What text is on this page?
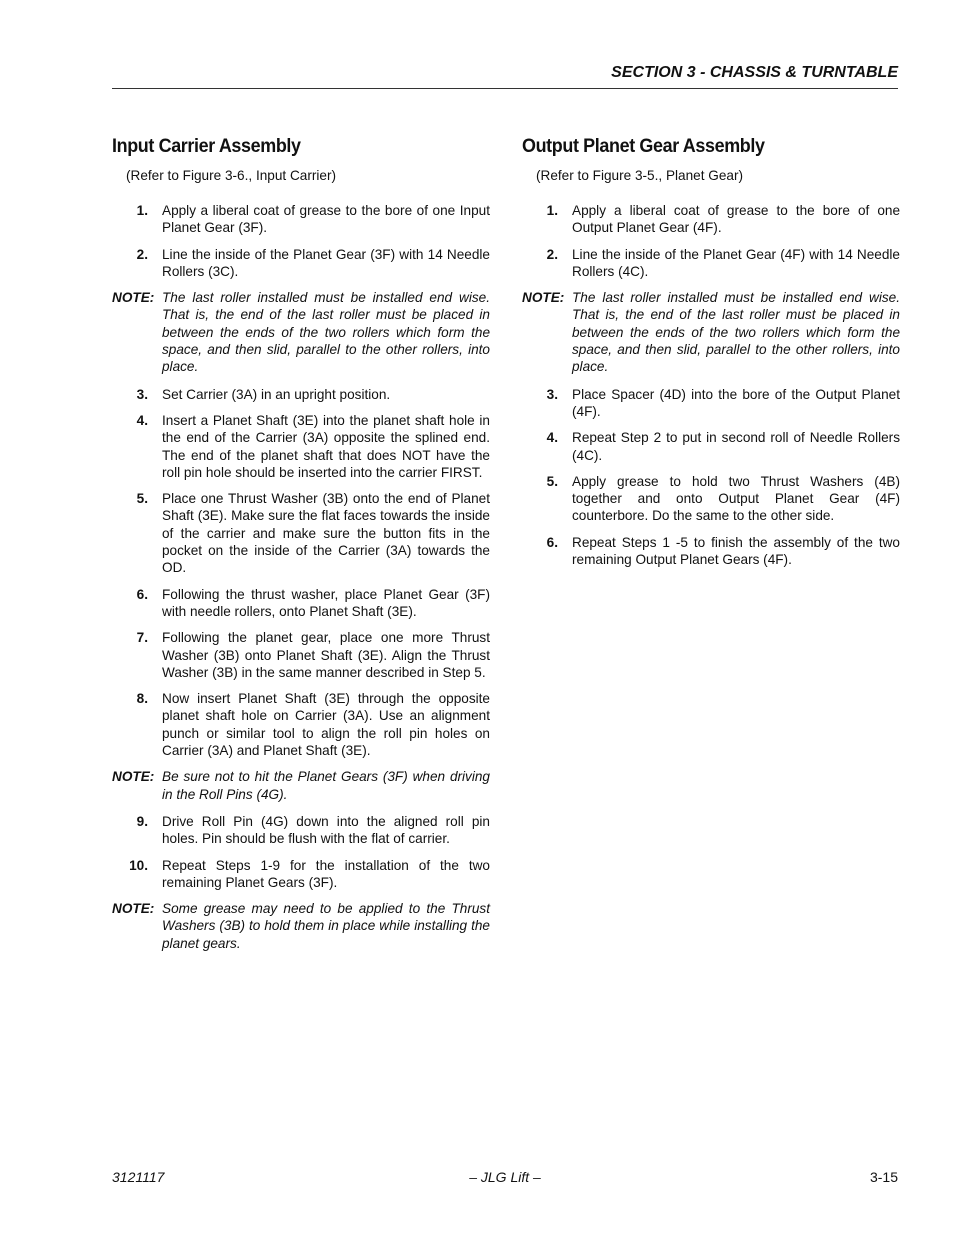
SECTION 3 - CHASSIS & TURNTABLE
Input Carrier Assembly
(Refer to Figure 3-6., Input Carrier)
1.	Apply a liberal coat of grease to the bore of one Input Planet Gear (3F).
2.	Line the inside of the Planet Gear (3F) with 14 Needle Rollers (3C).
NOTE: The last roller installed must be installed end wise. That is, the end of the last roller must be placed in between the ends of the two rollers which form the space, and then slid, parallel to the other rollers, into place.
3.	Set Carrier (3A) in an upright position.
4.	Insert a Planet Shaft (3E) into the planet shaft hole in the end of the Carrier (3A) opposite the splined end. The end of the planet shaft that does NOT have the roll pin hole should be inserted into the carrier FIRST.
5.	Place one Thrust Washer (3B) onto the end of Planet Shaft (3E). Make sure the flat faces towards the inside of the carrier and make sure the button fits in the pocket on the inside of the Carrier (3A) towards the OD.
6.	Following the thrust washer, place Planet Gear (3F) with needle rollers, onto Planet Shaft (3E).
7.	Following the planet gear, place one more Thrust Washer (3B) onto Planet Shaft (3E). Align the Thrust Washer (3B) in the same manner described in Step 5.
8.	Now insert Planet Shaft (3E) through the opposite planet shaft hole on Carrier (3A). Use an alignment punch or similar tool to align the roll pin holes on Carrier (3A) and Planet Shaft (3E).
NOTE: Be sure not to hit the Planet Gears (3F) when driving in the Roll Pins (4G).
9.	Drive Roll Pin (4G) down into the aligned roll pin holes. Pin should be flush with the flat of carrier.
10.	Repeat Steps 1-9 for the installation of the two remaining Planet Gears (3F).
NOTE: Some grease may need to be applied to the Thrust Washers (3B) to hold them in place while installing the planet gears.
Output Planet Gear Assembly
(Refer to Figure 3-5., Planet Gear)
1.	Apply a liberal coat of grease to the bore of one Output Planet Gear (4F).
2.	Line the inside of the Planet Gear (4F) with 14 Needle Rollers (4C).
NOTE: The last roller installed must be installed end wise. That is, the end of the last roller must be placed in between the ends of the two rollers which form the space, and then slid, parallel to the other rollers, into place.
3.	Place Spacer (4D) into the bore of the Output Planet (4F).
4.	Repeat Step 2 to put in second roll of Needle Rollers (4C).
5.	Apply grease to hold two Thrust Washers (4B) together and onto Output Planet Gear (4F) counterbore. Do the same to the other side.
6.	Repeat Steps 1 -5 to finish the assembly of the two remaining Output Planet Gears (4F).
3121117	– JLG Lift –	3-15
